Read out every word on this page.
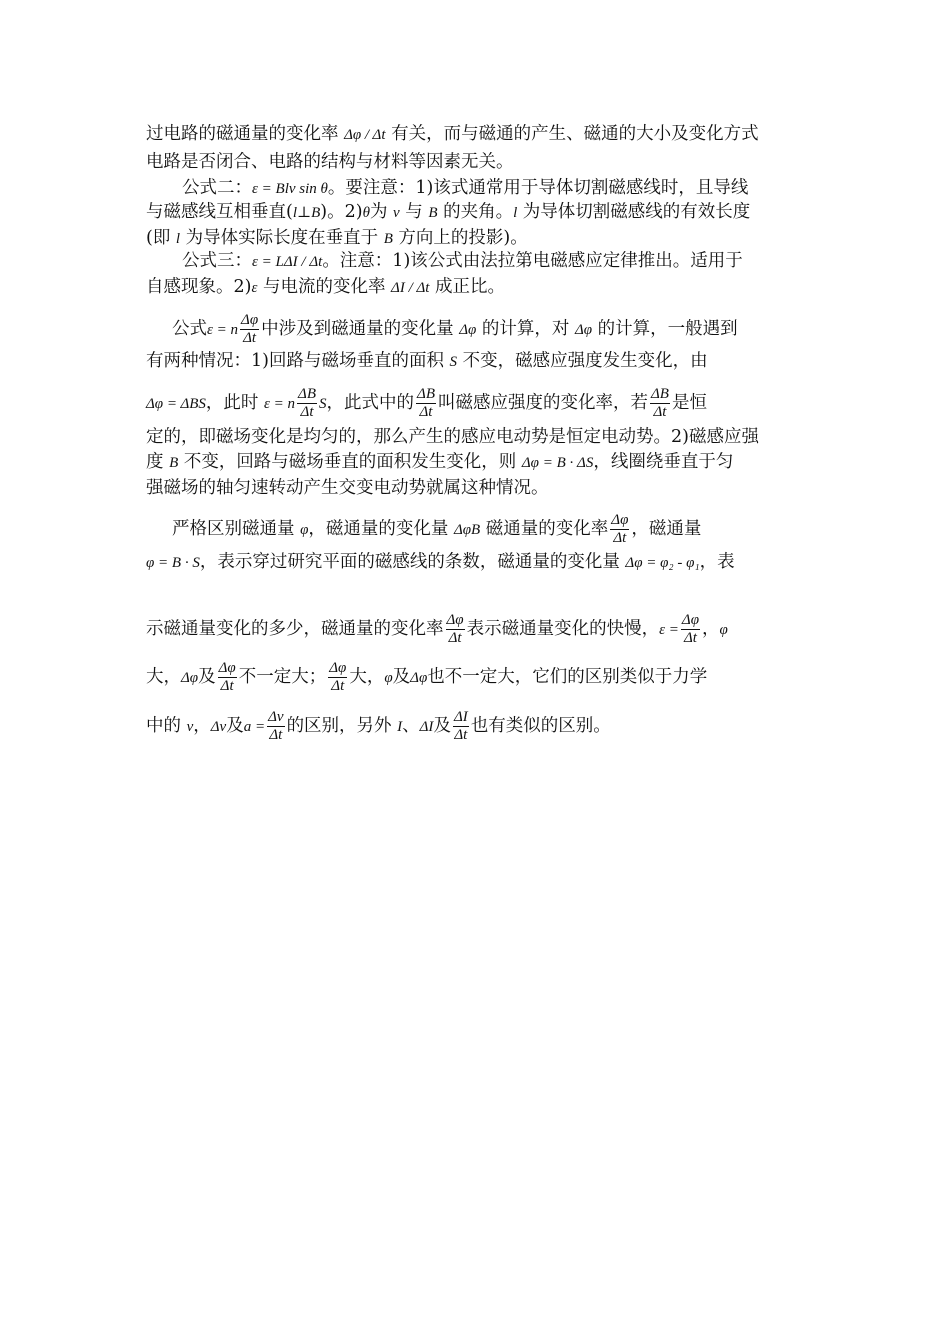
过电路的磁通量的变化率 Δφ / Δt 有关，而与磁通的产生、磁通的大小及变化方式
电路是否闭合、电路的结构与材料等因素无关。
公式二：ε = Blv sin θ。要注意：1)该式通常用于导体切割磁感线时，且导线
与磁感线互相垂直(l⊥B)。2)θ为 v 与 B 的夹角。l 为导体切割磁感线的有效长度
(即 l 为导体实际长度在垂直于 B 方向上的投影)。
公式三：ε = LΔI / Δt。注意：1)该公式由法拉第电磁感应定律推出。适用于
自感现象。2)ε 与电流的变化率 ΔI / Δt 成正比。
公式ε = n $\frac{\Delta\varphi}{\Delta t}$ 中涉及到磁通量的变化量 Δφ 的计算，对 Δφ 的计算，一般遇到
有两种情况：1)回路与磁场垂直的面积 S 不变，磁感应强度发生变化，由
Δφ = ΔBS，此时 ε = n $\frac{\Delta B}{\Delta t}$ S，此式中的 $\frac{\Delta B}{\Delta t}$ 叫磁感应强度的变化率，若 $\frac{\Delta B}{\Delta t}$ 是恒
定的，即磁场变化是均匀的，那么产生的感应电动势是恒定电动势。2)磁感应强
度 B 不变，回路与磁场垂直的面积发生变化，则 Δφ = B · ΔS，线圈绕垂直于匀
强磁场的轴匀速转动产生交变电动势就属这种情况。
严格区别磁通量 φ，磁通量的变化量 ΔφB 磁通量的变化率 $\frac{\Delta\varphi}{\Delta t}$ ，磁通量
φ = B · S，表示穿过研究平面的磁感线的条数，磁通量的变化量 Δφ = φ₂ - φ₁，表
示磁通量变化的多少，磁通量的变化率 $\frac{\Delta\varphi}{\Delta t}$ 表示磁通量变化的快慢，$\varepsilon = \frac{\Delta\varphi}{\Delta t}$ ，φ
大，Δφ及 $\frac{\Delta\varphi}{\Delta t}$ 不一定大； $\frac{\Delta\varphi}{\Delta t}$ 大，φ及Δφ也不一定大，它们的区别类似于力学
中的 v，Δv及$a = \frac{\Delta v}{\Delta t}$ 的区别，另外 I、ΔI及 $\frac{\Delta I}{\Delta t}$ 也有类似的区别。
